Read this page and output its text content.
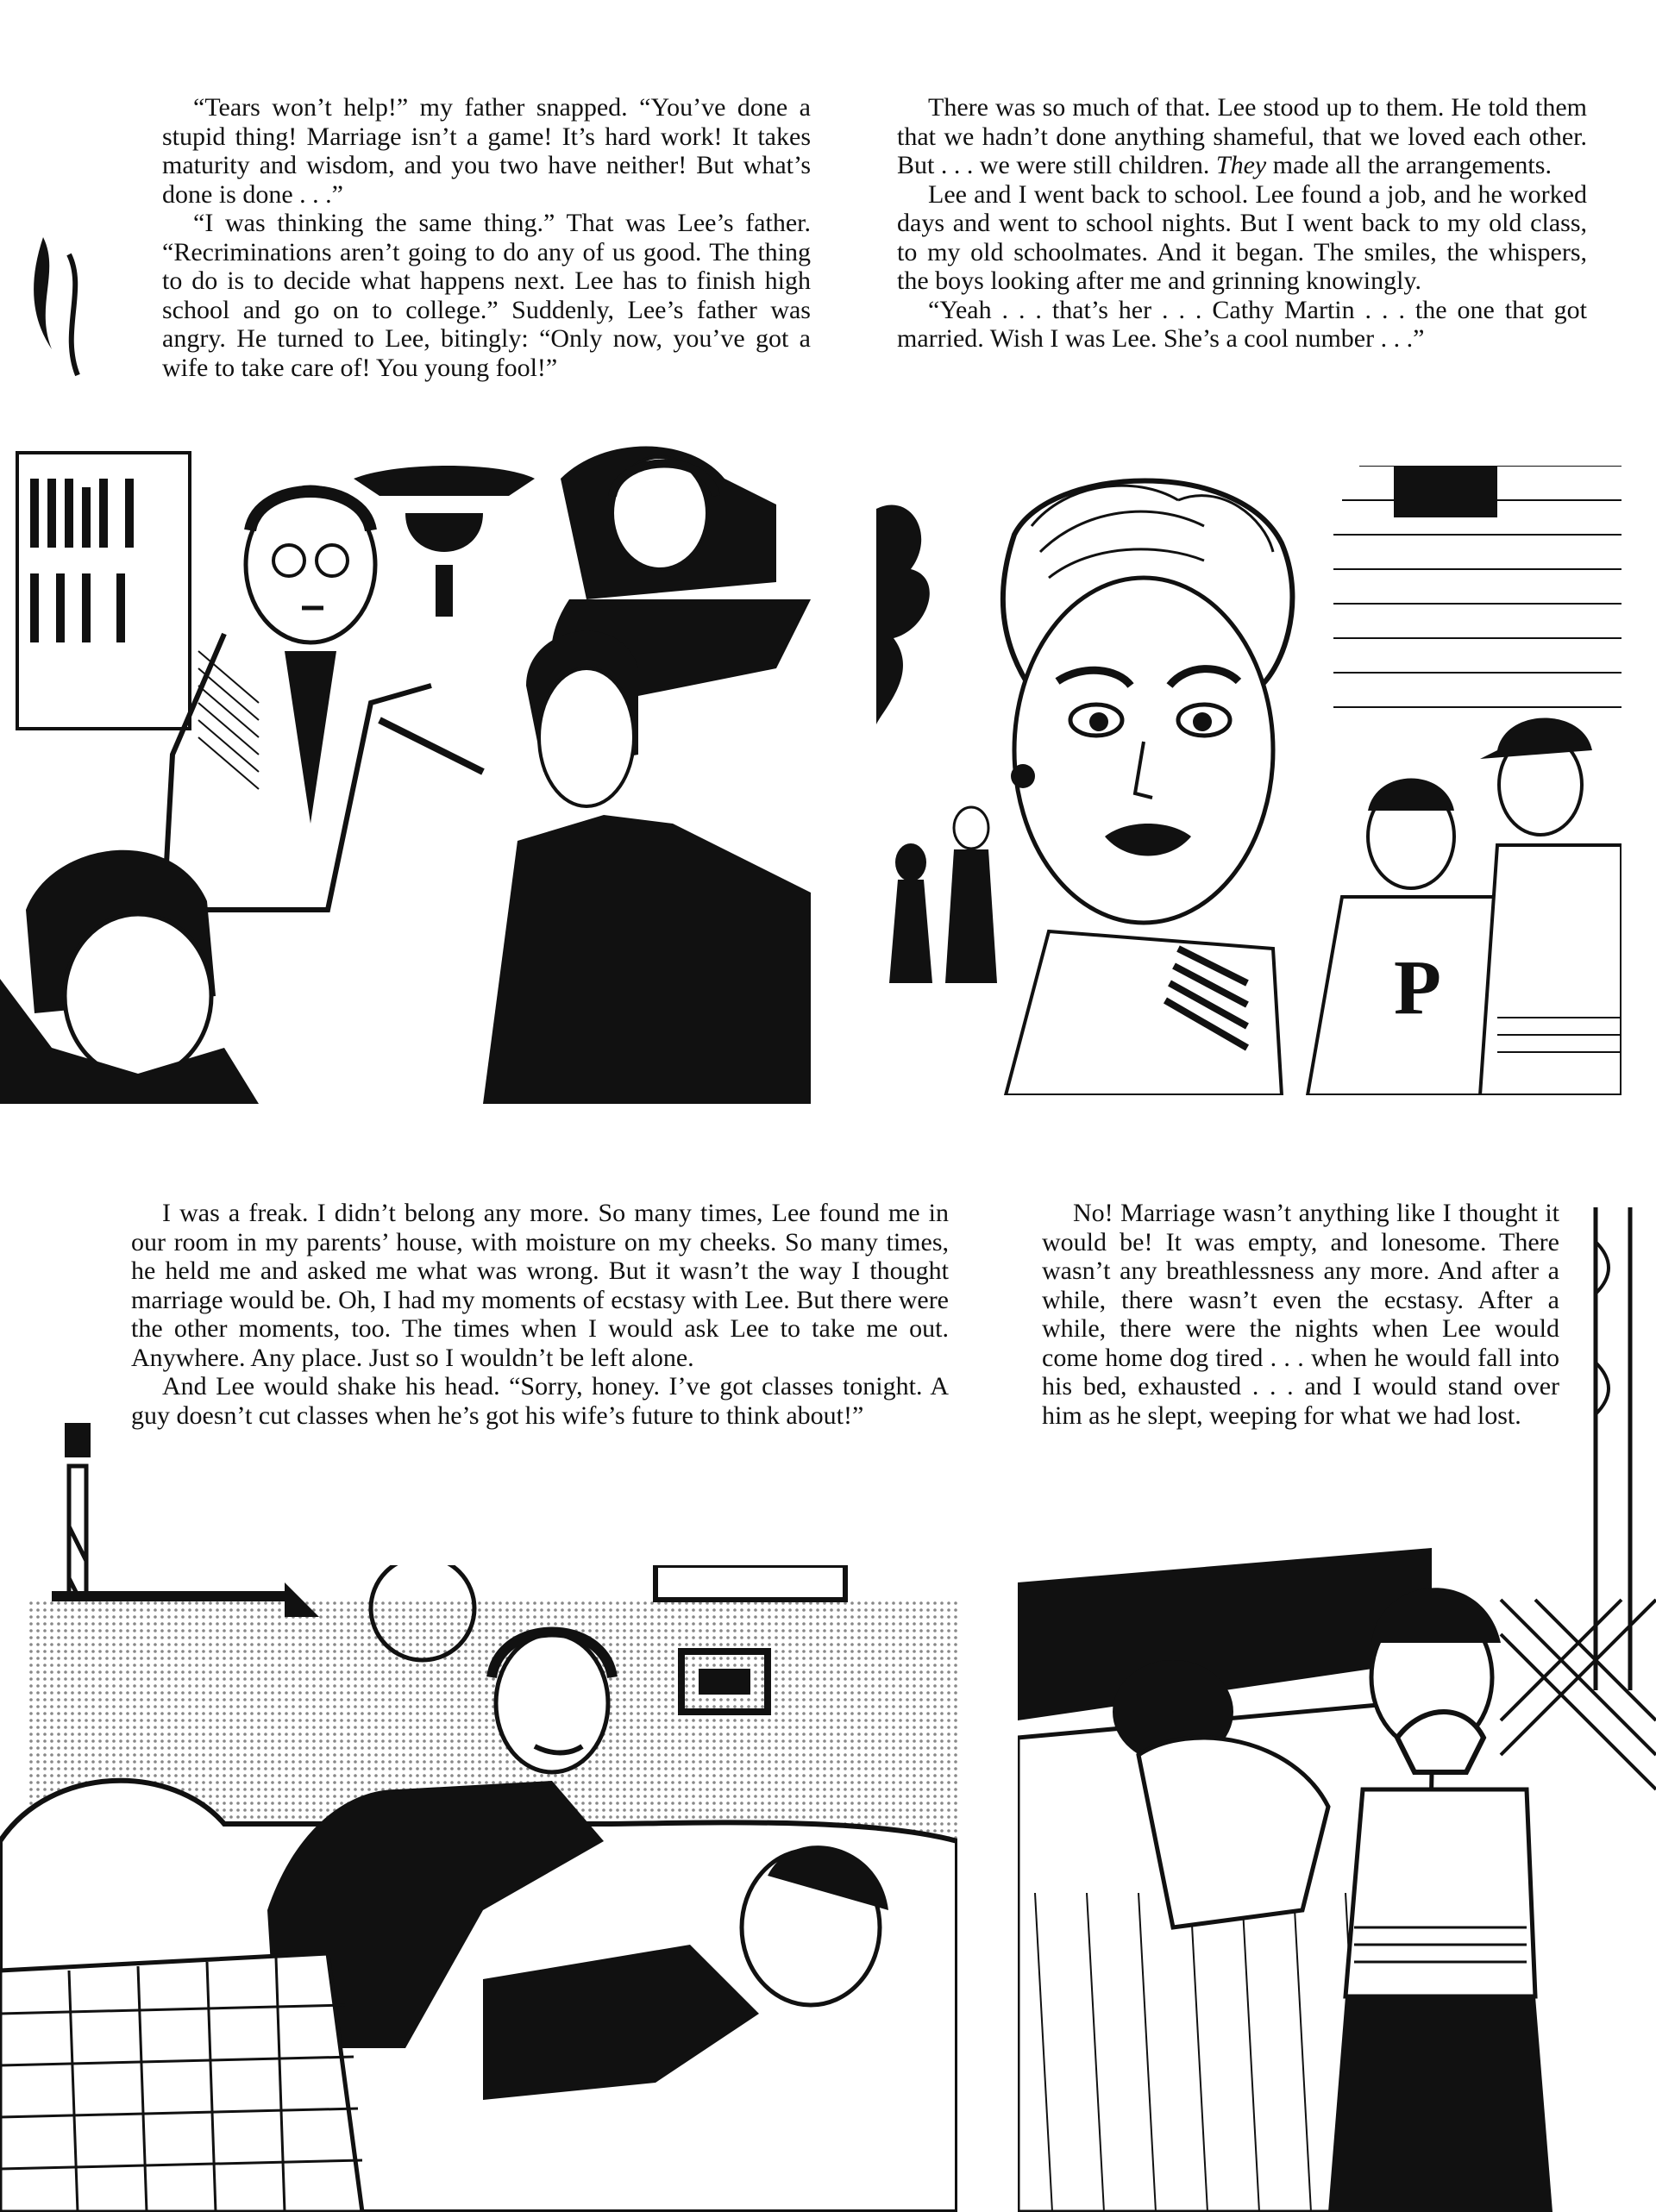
“Tears won’t help!” my father snapped. “You’ve done a stupid thing! Marriage isn’t a game! It’s hard work! It takes maturity and wisdom, and you two have neither! But what’s done is done . . .”

“I was thinking the same thing.” That was Lee’s father. “Recriminations aren’t going to do any of us good. The thing to do is to decide what happens next. Lee has to finish high school and go on to college.” Suddenly, Lee’s father was angry. He turned to Lee, bitingly: “Only now, you’ve got a wife to take care of! You young fool!”

There was so much of that. Lee stood up to them. He told them that we hadn’t done anything shameful, that we loved each other. But . . . we were still children. They made all the arrangements.

Lee and I went back to school. Lee found a job, and he worked days and went to school nights. But I went back to my old class, to my old schoolmates. And it began. The smiles, the whispers, the boys looking after me and grinning knowingly.

“Yeah . . . that’s her . . . Cathy Martin . . . the one that got married. Wish I was Lee. She’s a cool number . . .”

P

I was a freak. I didn’t belong any more. So many times, Lee found me in our room in my parents’ house, with moisture on my cheeks. So many times, he held me and asked me what was wrong. But it wasn’t the way I thought marriage would be. Oh, I had my moments of ecstasy with Lee. But there were the other moments, too. The times when I would ask Lee to take me out. Anywhere. Any place. Just so I wouldn’t be left alone.

And Lee would shake his head. “Sorry, honey. I’ve got classes tonight. A guy doesn’t cut classes when he’s got his wife’s future to think about!”

No! Marriage wasn’t anything like I thought it would be! It was empty, and lonesome. There wasn’t any breathlessness any more. And after a while, there wasn’t even the ecstasy. After a while, there were the nights when Lee would come home dog tired . . . when he would fall into his bed, exhausted . . . and I would stand over him as he slept, weeping for what we had lost.
